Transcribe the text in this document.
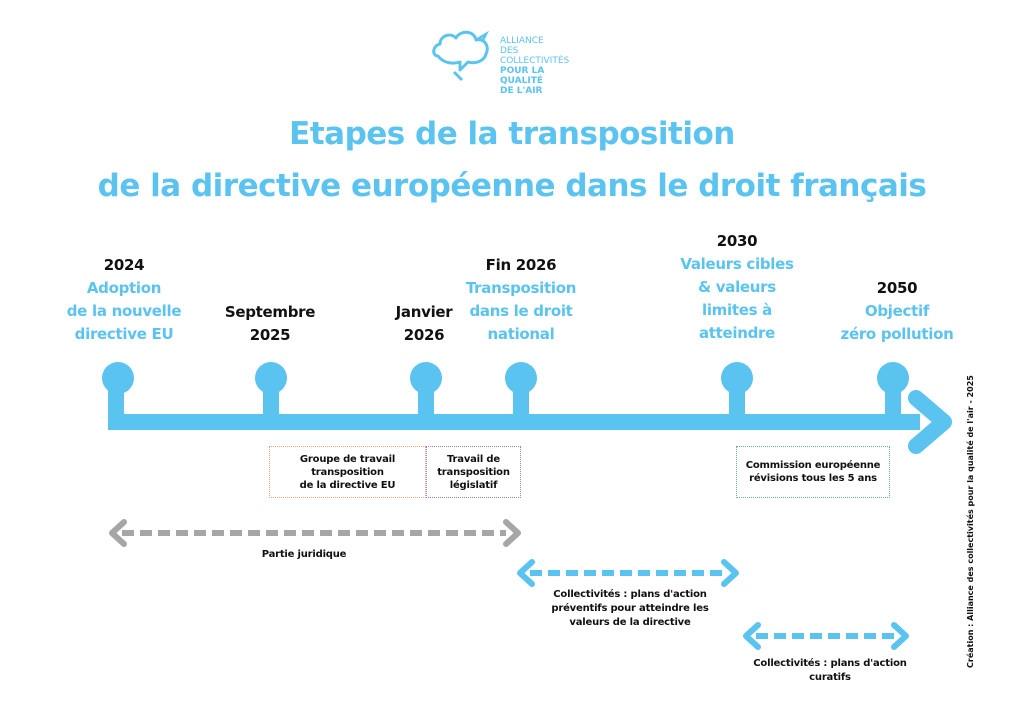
ALLIANCE
DES COLLECTIVITÉS
POUR LA QUALITÉ
DE L'AIR
Etapes de la transposition
de la directive européenne dans le droit français
2024
Adoption
de la nouvelle
directive EU
Septembre
2025
Janvier
2026
Fin 2026
Transposition
dans le droit
national
2030
Valeurs cibles
& valeurs
limites à
atteindre
2050
Objectif
zéro pollution
Groupe de travail transposition
de la directive EU
Travail de
transposition
législatif
Commission européenne
révisions tous les 5 ans
Partie juridique
Collectivités : plans d'action
préventifs pour atteindre les
valeurs de la directive
Collectivités : plans d'action
curatifs
Création : Alliance des collectivités pour la qualité de l'air - 2025
